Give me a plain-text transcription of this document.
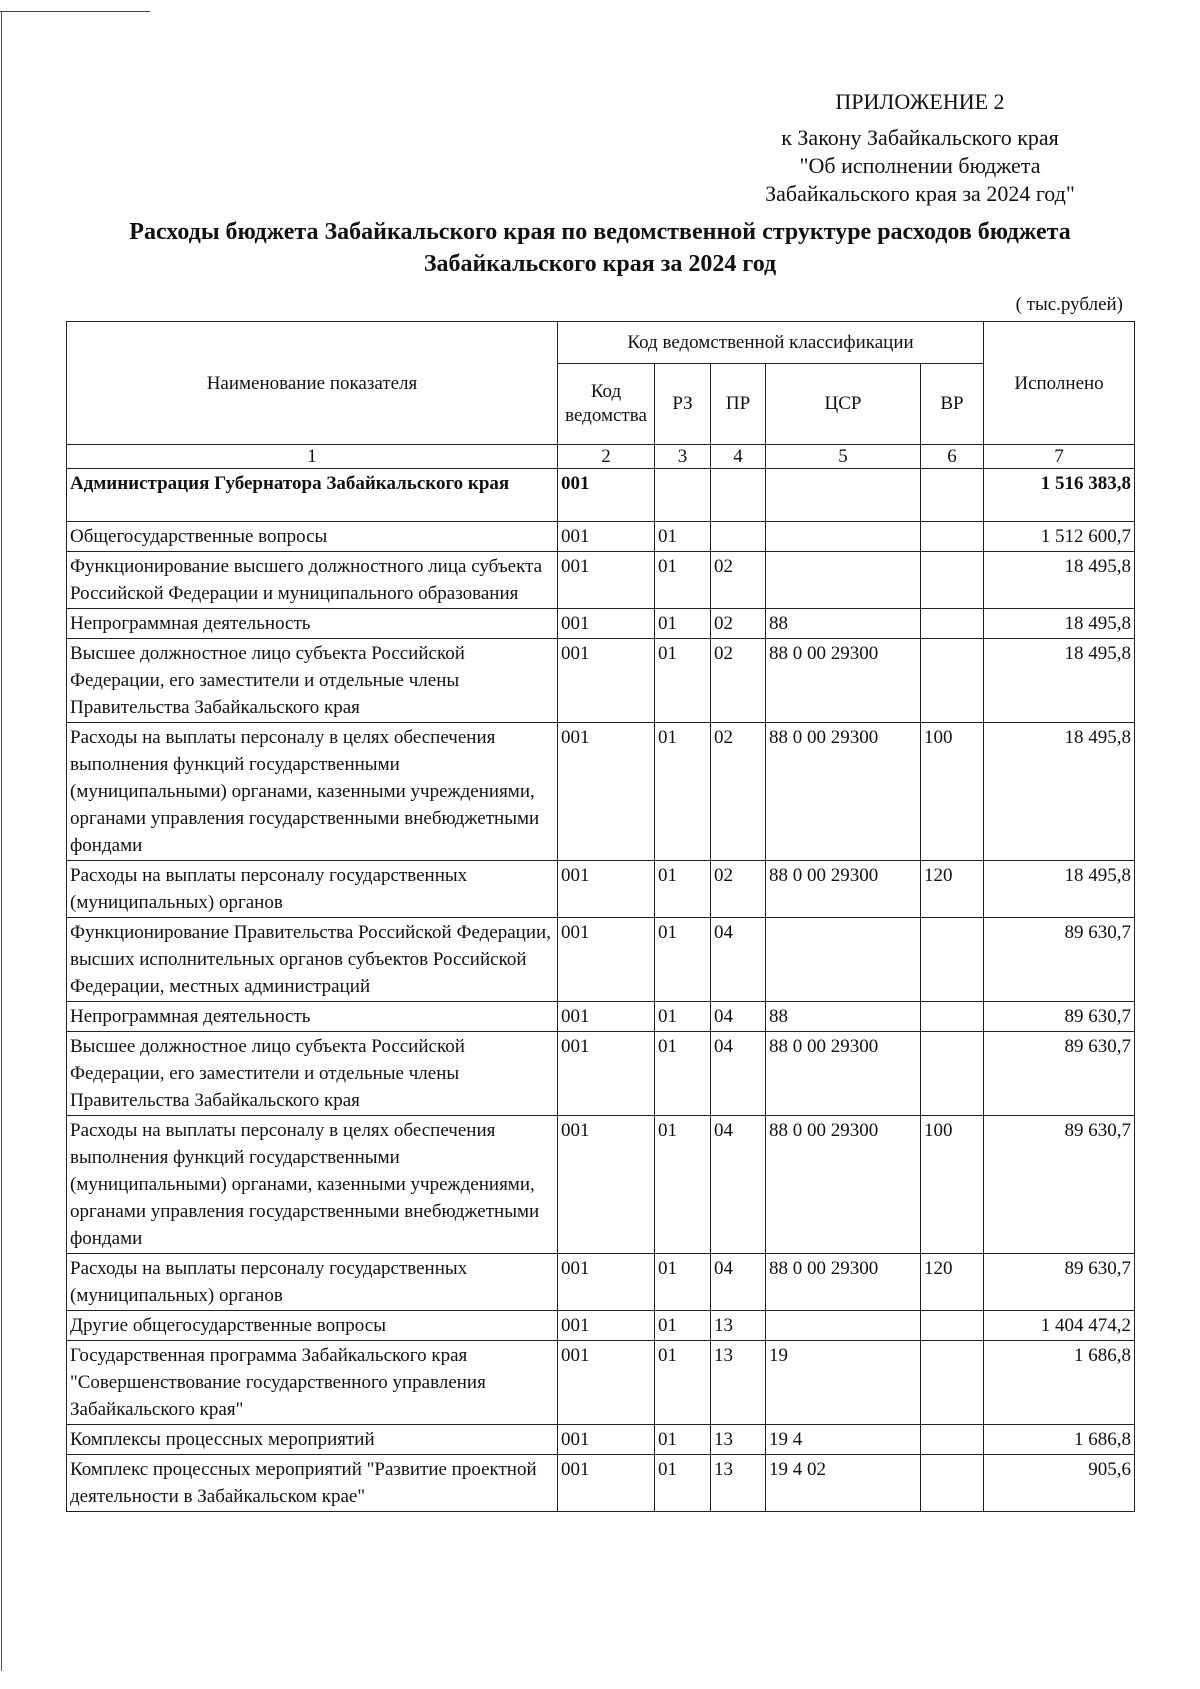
ПРИЛОЖЕНИЕ 2
к Закону Забайкальского края
"Об исполнении бюджета
Забайкальского края за 2024 год"
Расходы бюджета Забайкальского края по ведомственной структуре расходов бюджета
Забайкальского края за 2024 год
( тыс.рублей)
Наименование показателя	Код ведомственной классификации					Исполнено
	Код ведомства	РЗ	ПР	ЦСР	ВР	
1	2	3	4	5	6	7
Администрация Губернатора Забайкальского края	001					1 516 383,8
Общегосударственные вопросы	001	01				1 512 600,7
Функционирование высшего должностного лица субъекта Российской Федерации и муниципального образования	001	01	02			18 495,8
Непрограммная деятельность	001	01	02	88		18 495,8
Высшее должностное лицо субъекта Российской Федерации, его заместители и отдельные члены Правительства Забайкальского края	001	01	02	88 0 00 29300		18 495,8
Расходы на выплаты персоналу в целях обеспечения выполнения функций государственными (муниципальными) органами, казенными учреждениями, органами управления государственными внебюджетными фондами	001	01	02	88 0 00 29300	100	18 495,8
Расходы на выплаты персоналу государственных (муниципальных) органов	001	01	02	88 0 00 29300	120	18 495,8
Функционирование Правительства Российской Федерации, высших исполнительных органов субъектов Российской Федерации, местных администраций	001	01	04			89 630,7
Непрограммная деятельность	001	01	04	88		89 630,7
Высшее должностное лицо субъекта Российской Федерации, его заместители и отдельные члены Правительства Забайкальского края	001	01	04	88 0 00 29300		89 630,7
Расходы на выплаты персоналу в целях обеспечения выполнения функций государственными (муниципальными) органами, казенными учреждениями, органами управления государственными внебюджетными фондами	001	01	04	88 0 00 29300	100	89 630,7
Расходы на выплаты персоналу государственных (муниципальных) органов	001	01	04	88 0 00 29300	120	89 630,7
Другие общегосударственные вопросы	001	01	13			1 404 474,2
Государственная программа Забайкальского края "Совершенствование государственного управления Забайкальского края"	001	01	13	19		1 686,8
Комплексы процессных мероприятий	001	01	13	19 4		1 686,8
Комплекс процессных мероприятий "Развитие проектной деятельности в Забайкальском крае"	001	01	13	19 4 02		905,6
